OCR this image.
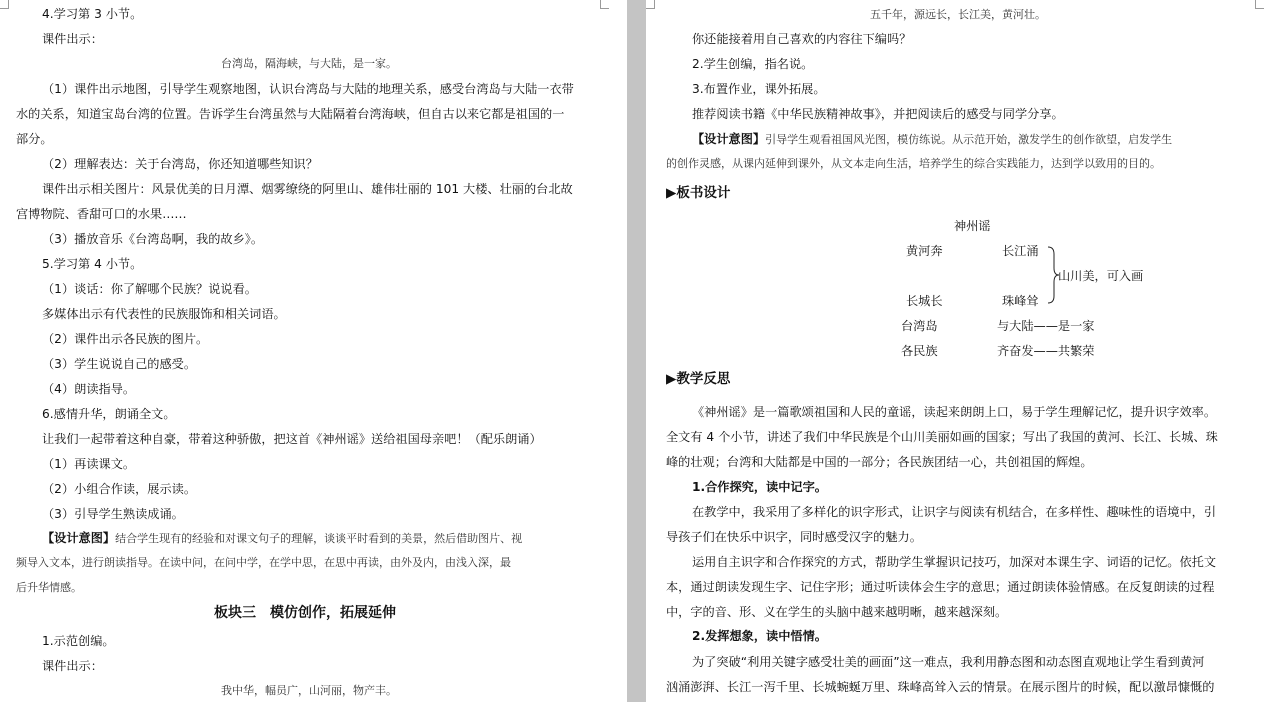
4.学习第 3 小节。
课件出示：
台湾岛，隔海峡，与大陆，是一家。
（1）课件出示地图，引导学生观察地图，认识台湾岛与大陆的地理关系，感受台湾岛与大陆一衣带
水的关系，知道宝岛台湾的位置。告诉学生台湾虽然与大陆隔着台湾海峡，但自古以来它都是祖国的一
部分。
（2）理解表达：关于台湾岛，你还知道哪些知识？
课件出示相关图片：风景优美的日月潭、烟雾缭绕的阿里山、雄伟壮丽的 101 大楼、壮丽的台北故
宫博物院、香甜可口的水果……
（3）播放音乐《台湾岛啊，我的故乡》。
5.学习第 4 小节。
（1）谈话：你了解哪个民族？说说看。
多媒体出示有代表性的民族服饰和相关词语。
（2）课件出示各民族的图片。
（3）学生说说自己的感受。
（4）朗读指导。
6.感情升华，朗诵全文。
让我们一起带着这种自豪，带着这种骄傲，把这首《神州谣》送给祖国母亲吧！（配乐朗诵）
（1）再读课文。
（2）小组合作读，展示读。
（3）引导学生熟读成诵。
【设计意图】结合学生现有的经验和对课文句子的理解，谈谈平时看到的美景，然后借助图片、视
频导入文本，进行朗读指导。在读中问，在问中学，在学中思，在思中再读，由外及内，由浅入深，最
后升华情感。
板块三　模仿创作，拓展延伸
1.示范创编。
课件出示：
我中华，幅员广，山河丽，物产丰。
五千年，源远长，长江美，黄河壮。
你还能接着用自己喜欢的内容往下编吗？
2.学生创编，指名说。
3.布置作业，课外拓展。
推荐阅读书籍《中华民族精神故事》，并把阅读后的感受与同学分享。
【设计意图】引导学生观看祖国风光图，模仿练说。从示范开始，激发学生的创作欲望，启发学生
的创作灵感，从课内延伸到课外，从文本走向生活，培养学生的综合实践能力，达到学以致用的目的。
▶板书设计
神州谣
黄河奔	长江涌
山川美，可入画
长城长	珠峰耸
台湾岛	与大陆——是一家
各民族	齐奋发——共繁荣
▶教学反思
《神州谣》是一篇歌颂祖国和人民的童谣，读起来朗朗上口，易于学生理解记忆，提升识字效率。
全文有 4 个小节，讲述了我们中华民族是个山川美丽如画的国家；写出了我国的黄河、长江、长城、珠
峰的壮观；台湾和大陆都是中国的一部分；各民族团结一心，共创祖国的辉煌。
1.合作探究，读中记字。
在教学中，我采用了多样化的识字形式，让识字与阅读有机结合，在多样性、趣味性的语境中，引
导孩子们在快乐中识字，同时感受汉字的魅力。
运用自主识字和合作探究的方式，帮助学生掌握识记技巧，加深对本课生字、词语的记忆。依托文
本，通过朗读发现生字、记住字形；通过听读体会生字的意思；通过朗读体验情感。在反复朗读的过程
中，字的音、形、义在学生的头脑中越来越明晰，越来越深刻。
2.发挥想象，读中悟情。
为了突破“利用关键字感受壮美的画面”这一难点，我利用静态图和动态图直观地让学生看到黄河
汹涌澎湃、长江一泻千里、长城蜿蜒万里、珠峰高耸入云的情景。在展示图片的时候，配以激昂慷慨的
